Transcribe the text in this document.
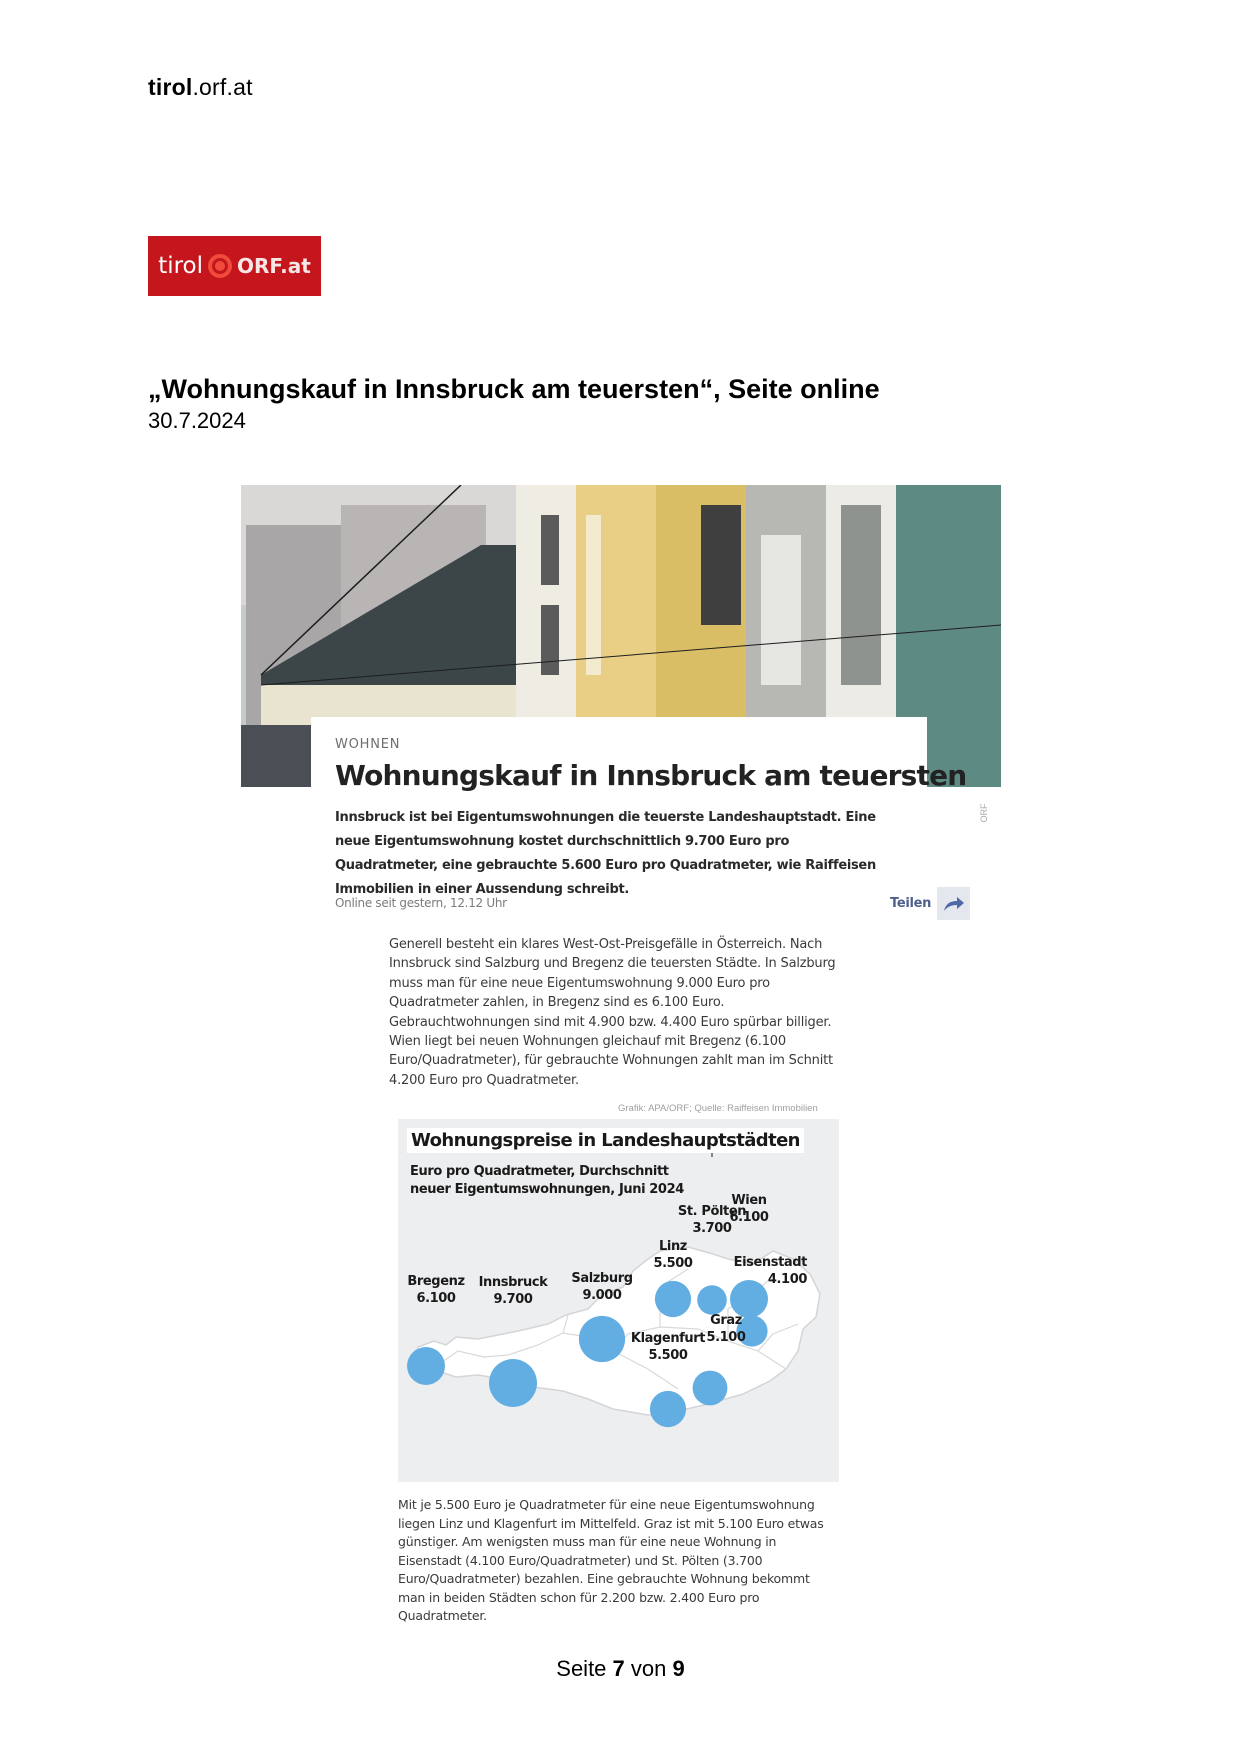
tirol.orf.at
tirol ORF.at
„Wohnungskauf in Innsbruck am teuersten“, Seite online
30.7.2024
WOHNEN
Wohnungskauf in Innsbruck am teuersten
Innsbruck ist bei Eigentumswohnungen die teuerste Landeshauptstadt. Eine neue Eigentumswohnung kostet durchschnittlich 9.700 Euro pro Quadratmeter, eine gebrauchte 5.600 Euro pro Quadratmeter, wie Raiffeisen Immobilien in einer Aussendung schreibt.
ORF
Online seit gestern, 12.12 Uhr	Teilen
Generell besteht ein klares West-Ost-Preisgefälle in Österreich. Nach Innsbruck sind Salzburg und Bregenz die teuersten Städte. In Salzburg muss man für eine neue Eigentumswohnung 9.000 Euro pro Quadratmeter zahlen, in Bregenz sind es 6.100 Euro. Gebrauchtwohnungen sind mit 4.900 bzw. 4.400 Euro spürbar billiger. Wien liegt bei neuen Wohnungen gleichauf mit Bregenz (6.100 Euro/Quadratmeter), für gebrauchte Wohnungen zahlt man im Schnitt 4.200 Euro pro Quadratmeter.
Grafik: APA/ORF; Quelle: Raiffeisen Immobilien
Bregenz
6.100
Innsbruck
9.700
Salzburg
9.000
Linz
5.500
St. Pölten
3.700
Wien
6.100
Eisenstadt
4.100
Graz
5.100
Klagenfurt
5.500
Wohnungspreise in Landeshauptstädten
Euro pro Quadratmeter, Durchschnitt neuer Eigentumswohnungen, Juni 2024
Mit je 5.500 Euro je Quadratmeter für eine neue Eigentumswohnung liegen Linz und Klagenfurt im Mittelfeld. Graz ist mit 5.100 Euro etwas günstiger. Am wenigsten muss man für eine neue Wohnung in Eisenstadt (4.100 Euro/Quadratmeter) und St. Pölten (3.700 Euro/Quadratmeter) bezahlen. Eine gebrauchte Wohnung bekommt man in beiden Städten schon für 2.200 bzw. 2.400 Euro pro Quadratmeter.
Seite 7 von 9
